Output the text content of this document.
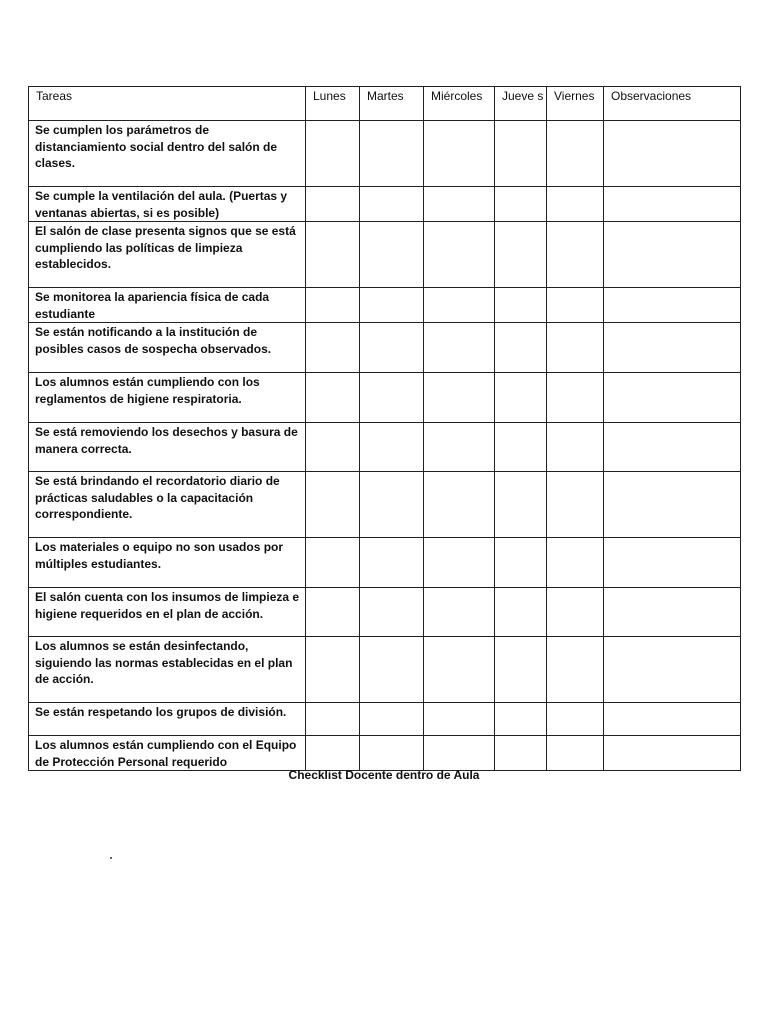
Tareas	Lunes	Martes	Miércoles	Jueve s	Viernes	Observaciones
Se cumplen los parámetros de distanciamiento social dentro del salón de clases.						
Se cumple la ventilación del aula. (Puertas y ventanas abiertas, si es posible)						
El salón de clase presenta signos que se está cumpliendo las políticas de limpieza establecidos.						
Se monitorea la apariencia física de cada estudiante						
Se están notificando a la institución de posibles casos de sospecha observados.						
Los alumnos están cumpliendo con los reglamentos de higiene respiratoria.						
Se está removiendo los desechos y basura de manera correcta.						
Se está brindando el recordatorio diario de prácticas saludables o la capacitación correspondiente.						
Los materiales o equipo no son usados por múltiples estudiantes.						
El salón cuenta con los insumos de limpieza e higiene requeridos en el plan de acción.						
Los alumnos se están desinfectando, siguiendo las normas establecidas en el plan de acción.						
Se están respetando los grupos de división.						
Los alumnos están cumpliendo con el Equipo de Protección Personal requerido						
Checklist Docente dentro de Aula
